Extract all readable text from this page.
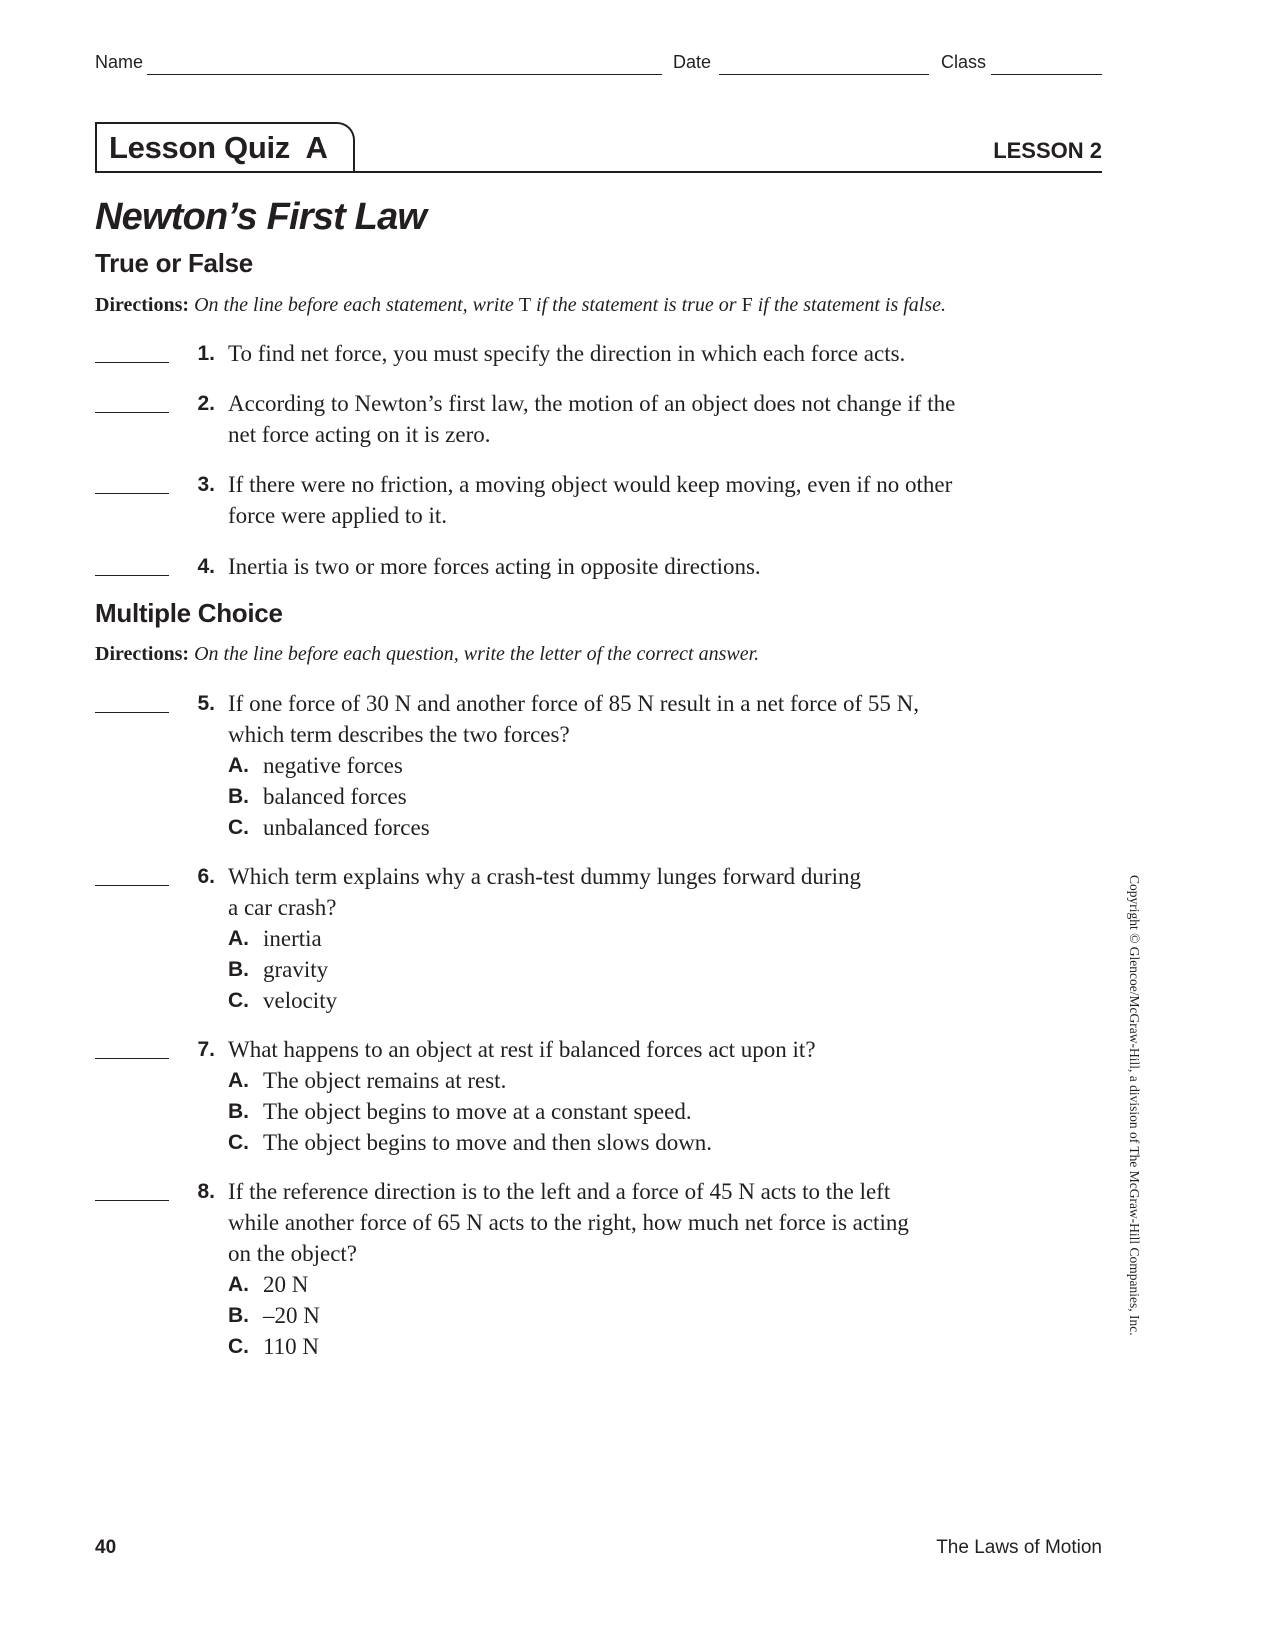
Name	Date	Class
Lesson Quiz  A	LESSON 2
Newton’s First Law
True or False
Directions: On the line before each statement, write T if the statement is true or F if the statement is false.
1. To find net force, you must specify the direction in which each force acts.
2. According to Newton’s first law, the motion of an object does not change if the
net force acting on it is zero.
3. If there were no friction, a moving object would keep moving, even if no other
force were applied to it.
4. Inertia is two or more forces acting in opposite directions.
Multiple Choice
Directions: On the line before each question, write the letter of the correct answer.
5. If one force of 30 N and another force of 85 N result in a net force of 55 N,
which term describes the two forces?
A. negative forces
B. balanced forces
C. unbalanced forces
6. Which term explains why a crash-test dummy lunges forward during
a car crash?
A. inertia
B. gravity
C. velocity
7. What happens to an object at rest if balanced forces act upon it?
A. The object remains at rest.
B. The object begins to move at a constant speed.
C. The object begins to move and then slows down.
8. If the reference direction is to the left and a force of 45 N acts to the left
while another force of 65 N acts to the right, how much net force is acting
on the object?
A. 20 N
B. –20 N
C. 110 N
Copyright © Glencoe/McGraw-Hill, a division of The McGraw-Hill Companies, Inc.
40	The Laws of Motion
